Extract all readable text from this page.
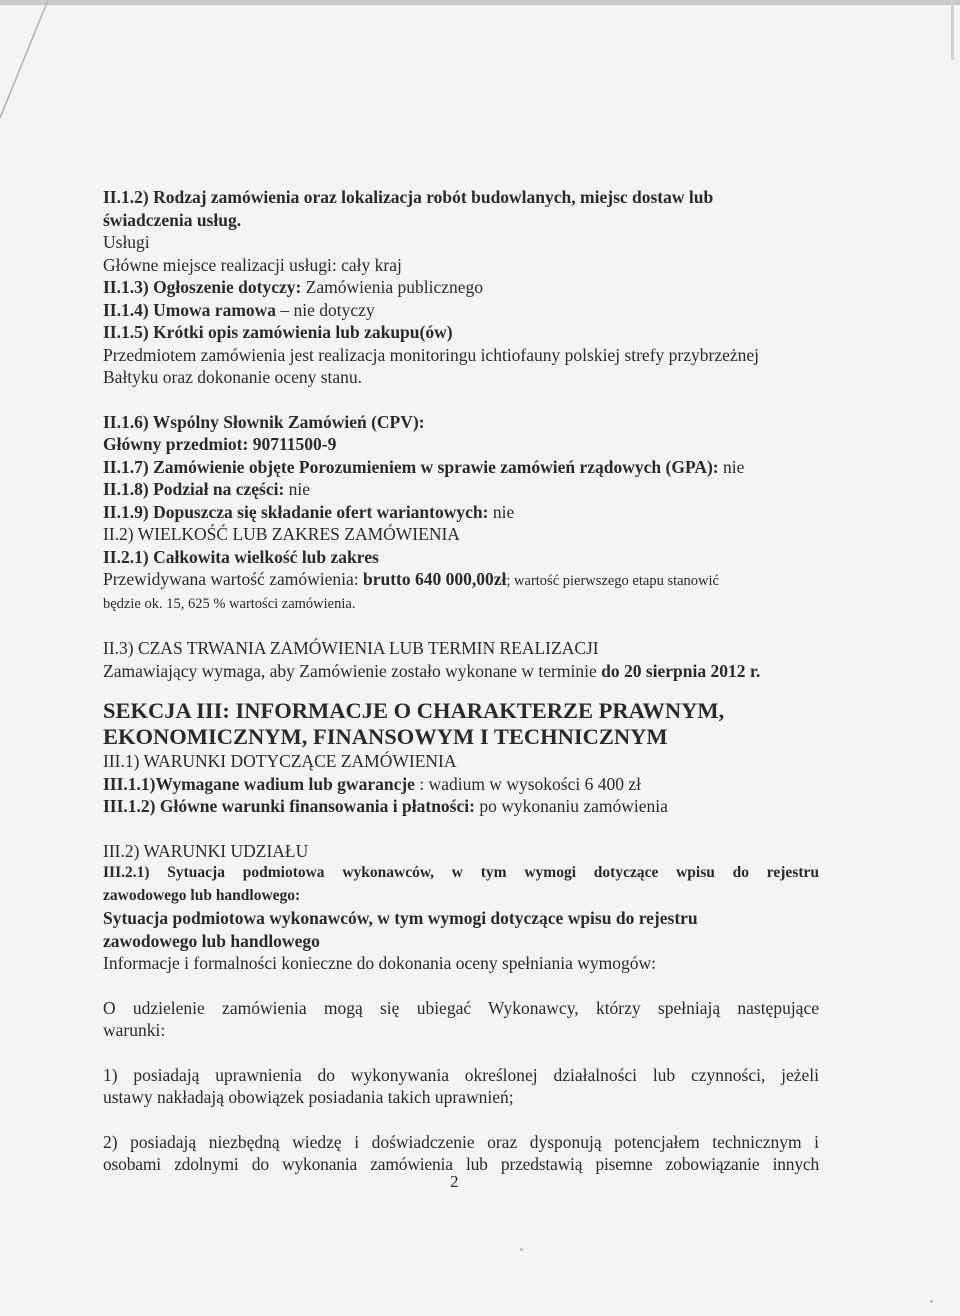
II.1.2) Rodzaj zamówienia oraz lokalizacja robót budowlanych, miejsc dostaw lub
świadczenia usług.
Usługi
Główne miejsce realizacji usługi: cały kraj
II.1.3) Ogłoszenie dotyczy: Zamówienia publicznego
II.1.4) Umowa ramowa – nie dotyczy
II.1.5) Krótki opis zamówienia lub zakupu(ów)
Przedmiotem zamówienia jest realizacja monitoringu ichtiofauny polskiej strefy przybrzeżnej
Bałtyku oraz dokonanie oceny stanu.
II.1.6) Wspólny Słownik Zamówień (CPV):
Główny przedmiot: 90711500-9
II.1.7) Zamówienie objęte Porozumieniem w sprawie zamówień rządowych (GPA): nie
II.1.8) Podział na części: nie
II.1.9) Dopuszcza się składanie ofert wariantowych: nie
II.2) WIELKOŚĆ LUB ZAKRES ZAMÓWIENIA
II.2.1) Całkowita wielkość lub zakres
Przewidywana wartość zamówienia: brutto 640 000,00zł; wartość pierwszego etapu stanowić
będzie ok. 15, 625 % wartości zamówienia.
II.3) CZAS TRWANIA ZAMÓWIENIA LUB TERMIN REALIZACJI
Zamawiający wymaga, aby Zamówienie zostało wykonane w terminie do 20 sierpnia 2012 r.
SEKCJA III: INFORMACJE O CHARAKTERZE PRAWNYM,
EKONOMICZNYM, FINANSOWYM I TECHNICZNYM
III.1) WARUNKI DOTYCZĄCE ZAMÓWIENIA
III.1.1)Wymagane wadium lub gwarancje : wadium w wysokości 6 400 zł
III.1.2) Główne warunki finansowania i płatności: po wykonaniu zamówienia
III.2) WARUNKI UDZIAŁU
III.2.1) Sytuacja podmiotowa wykonawców, w tym wymogi dotyczące wpisu do rejestru
zawodowego lub handlowego:
Sytuacja podmiotowa wykonawców, w tym wymogi dotyczące wpisu do rejestru
zawodowego lub handlowego
Informacje i formalności konieczne do dokonania oceny spełniania wymogów:
O udzielenie zamówienia mogą się ubiegać Wykonawcy, którzy spełniają następujące
warunki:
1) posiadają uprawnienia do wykonywania określonej działalności lub czynności, jeżeli
ustawy nakładają obowiązek posiadania takich uprawnień;
2) posiadają niezbędną wiedzę i doświadczenie oraz dysponują potencjałem technicznym i
osobami zdolnymi do wykonania zamówienia lub przedstawią pisemne zobowiązanie innych
2
